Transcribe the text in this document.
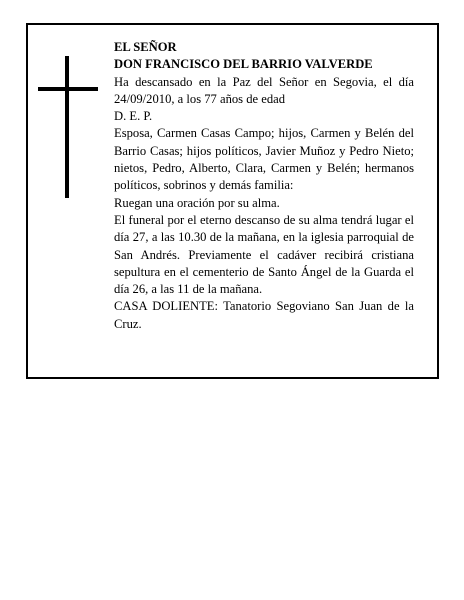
EL SEÑOR

DON FRANCISCO DEL BARRIO VALVERDE

Ha descansado en la Paz del Señor en Segovia, el día 24/09/2010, a los 77 años de edad

D. E. P.

Esposa, Carmen Casas Campo; hijos, Carmen y Belén del Barrio Casas; hijos políticos, Javier Muñoz y Pedro Nieto; nietos, Pedro, Alberto, Clara, Carmen y Belén; hermanos políticos, sobrinos y demás familia:

Ruegan una oración por su alma.

El funeral por el eterno descanso de su alma tendrá lugar el día 27, a las 10.30 de la mañana, en la iglesia parroquial de San Andrés. Previamente el cadáver recibirá cristiana sepultura en el cementerio de Santo Ángel de la Guarda el día 26, a las 11 de la mañana.

CASA DOLIENTE: Tanatorio Segoviano San Juan de la Cruz.
